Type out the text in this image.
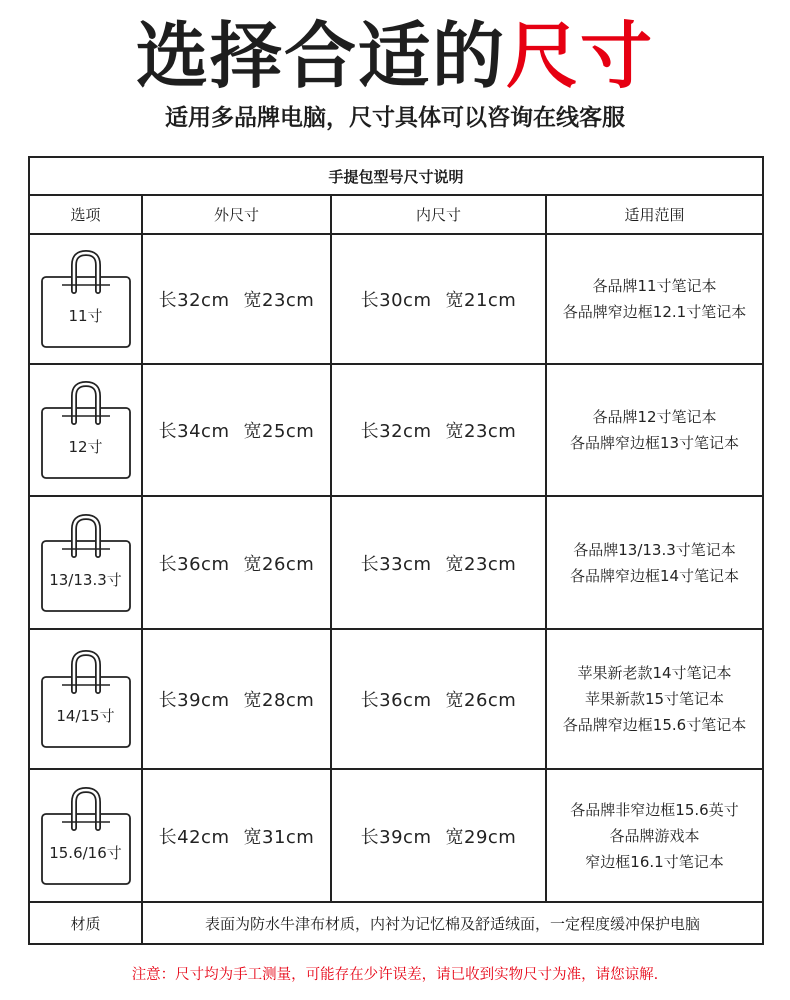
选择合适的尺寸
适用多品牌电脑，尺寸具体可以咨询在线客服
手提包型号尺寸说明			
选项	外尺寸	内尺寸	适用范围

11寸	长32cm 宽23cm	长30cm 宽21cm	各品牌11寸笔记本
各品牌窄边框12.1寸笔记本

12寸	长34cm 宽25cm	长32cm 宽23cm	各品牌12寸笔记本
各品牌窄边框13寸笔记本

13/13.3寸	长36cm 宽26cm	长33cm 宽23cm	各品牌13/13.3寸笔记本
各品牌窄边框14寸笔记本

14/15寸	长39cm 宽28cm	长36cm 宽26cm	苹果新老款14寸笔记本
苹果新款15寸笔记本
各品牌窄边框15.6寸笔记本

15.6/16寸	长42cm 宽31cm	长39cm 宽29cm	各品牌非窄边框15.6英寸
各品牌游戏本
窄边框16.1寸笔记本

材质	表面为防水牛津布材质，内衬为记忆棉及舒适绒面，一定程度缓冲保护电脑		
注意：尺寸均为手工测量，可能存在少许误差，请已收到实物尺寸为准，请您谅解.
